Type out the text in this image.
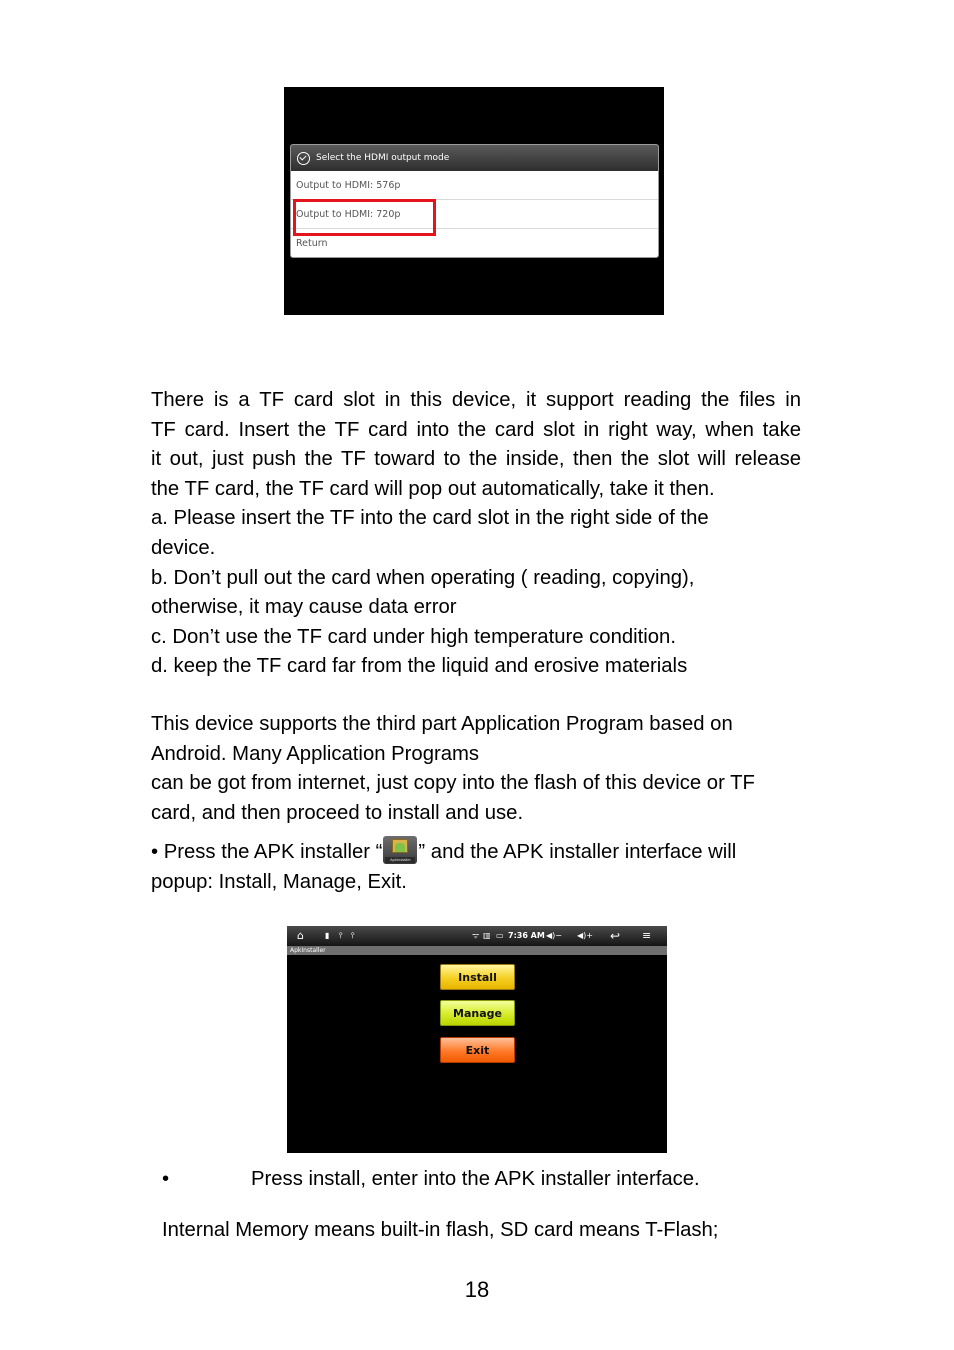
Select the HDMI output mode
Output to HDMI: 576p
Output to HDMI: 720p
Return
There is a TF card slot in this device, it support reading the files in
TF card. Insert the TF card into the card slot in right way, when take
it out, just push the TF toward to the inside, then the slot will release
the TF card, the TF card will pop out automatically, take it then.
a. Please insert the TF into the card slot in the right side of the
device.
b. Don’t pull out the card when operating ( reading, copying),
otherwise, it may cause data error
c. Don’t use the TF card under high temperature condition.
d. keep the TF card far from the liquid and erosive materials
This device supports the third part Application Program based on
Android. Many Application Programs
can be got from internet, just copy into the flash of this device or TF
card, and then proceed to install and use.
• Press the APK installer “	ApkInstaller ” and the APK installer interface will
popup: Install, Manage, Exit.
⌂	▮ ⫯ ⫯	ᯤ ▥ ▭ 7:36 AM ◀)− ◀)+ ↩ ≡
ApkInstaller
Install
Manage
Exit
•	Press install, enter into the APK installer interface.
Internal Memory means built-in flash, SD card means T-Flash;
18
